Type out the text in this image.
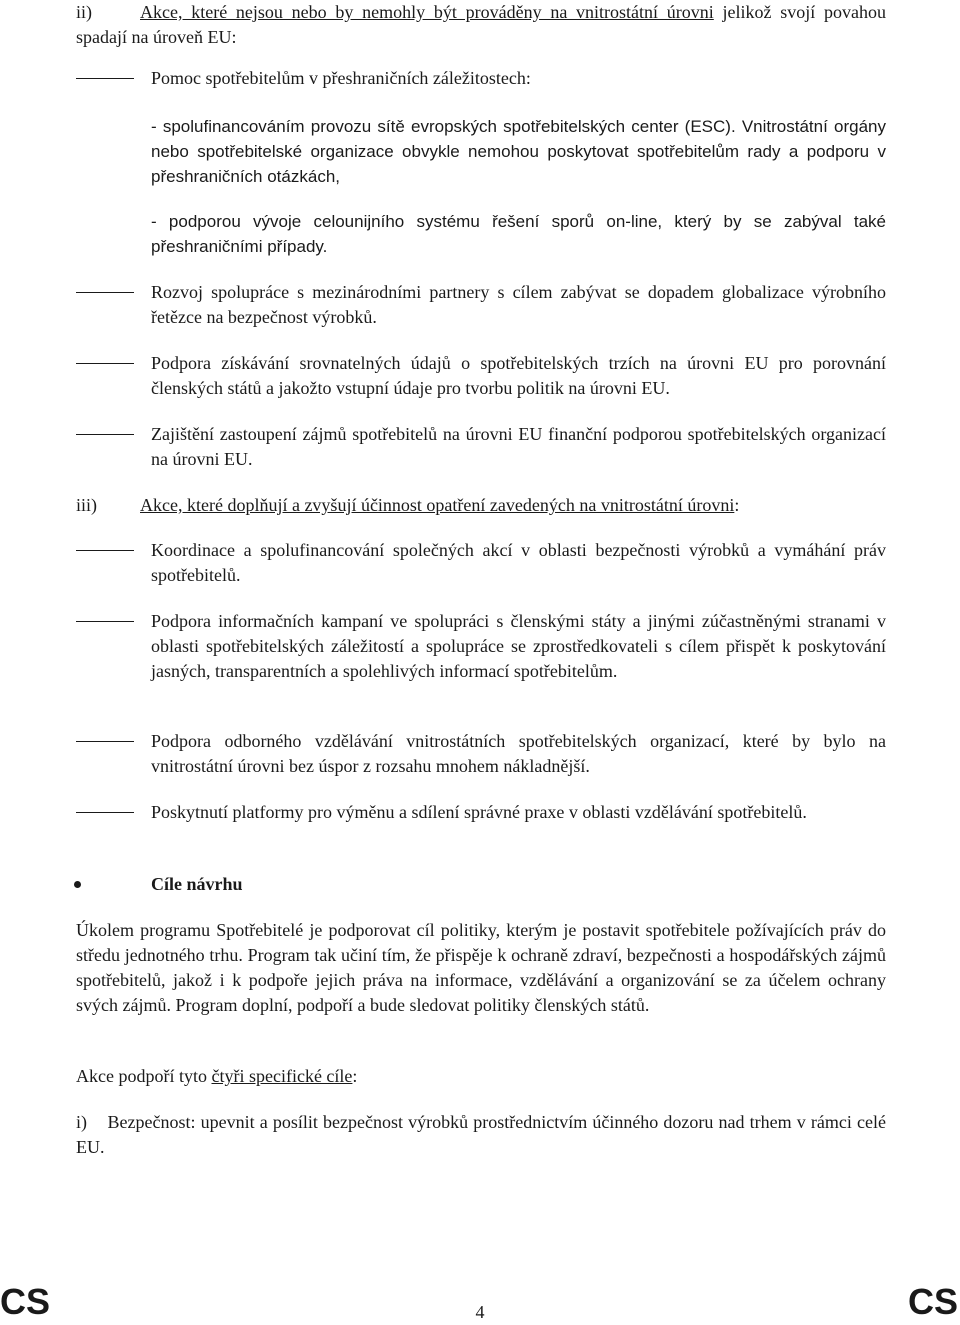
ii)	Akce, které nejsou nebo by nemohly být prováděny na vnitrostátní úrovni jelikož svojí povahou spadají na úroveň EU:
Pomoc spotřebitelům v přeshraničních záležitostech:
- spolufinancováním provozu sítě evropských spotřebitelských center (ESC). Vnitrostátní orgány nebo spotřebitelské organizace obvykle nemohou poskytovat spotřebitelům rady a podporu v přeshraničních otázkách,
- podporou vývoje celounijního systému řešení sporů on-line, který by se zabýval také přeshraničními případy.
Rozvoj spolupráce s mezinárodními partnery s cílem zabývat se dopadem globalizace výrobního řetězce na bezpečnost výrobků.
Podpora získávání srovnatelných údajů o spotřebitelských trzích na úrovni EU pro porovnání členských států a jakožto vstupní údaje pro tvorbu politik na úrovni EU.
Zajištění zastoupení zájmů spotřebitelů na úrovni EU finanční podporou spotřebitelských organizací na úrovni EU.
iii) Akce, které doplňují a zvyšují účinnost opatření zavedených na vnitrostátní úrovni:
Koordinace a spolufinancování společných akcí v oblasti bezpečnosti výrobků a vymáhání práv spotřebitelů.
Podpora informačních kampaní ve spolupráci s členskými státy a jinými zúčastněnými stranami v oblasti spotřebitelských záležitostí a spolupráce se zprostředkovateli s cílem přispět k poskytování jasných, transparentních a spolehlivých informací spotřebitelům.
Podpora odborného vzdělávání vnitrostátních spotřebitelských organizací, které by bylo na vnitrostátní úrovni bez úspor z rozsahu mnohem nákladnější.
Poskytnutí platformy pro výměnu a sdílení správné praxe v oblasti vzdělávání spotřebitelů.
Cíle návrhu
Úkolem programu Spotřebitelé je podporovat cíl politiky, kterým je postavit spotřebitele požívajících práv do středu jednotného trhu. Program tak učiní tím, že přispěje k ochraně zdraví, bezpečnosti a hospodářských zájmů spotřebitelů, jakož i k podpoře jejich práva na informace, vzdělávání a organizování se za účelem ochrany svých zájmů. Program doplní, podpoří a bude sledovat politiky členských států.
Akce podpoří tyto čtyři specifické cíle:
i)    Bezpečnost: upevnit a posílit bezpečnost výrobků prostřednictvím účinného dozoru nad trhem v rámci celé EU.
CS	4	CS
